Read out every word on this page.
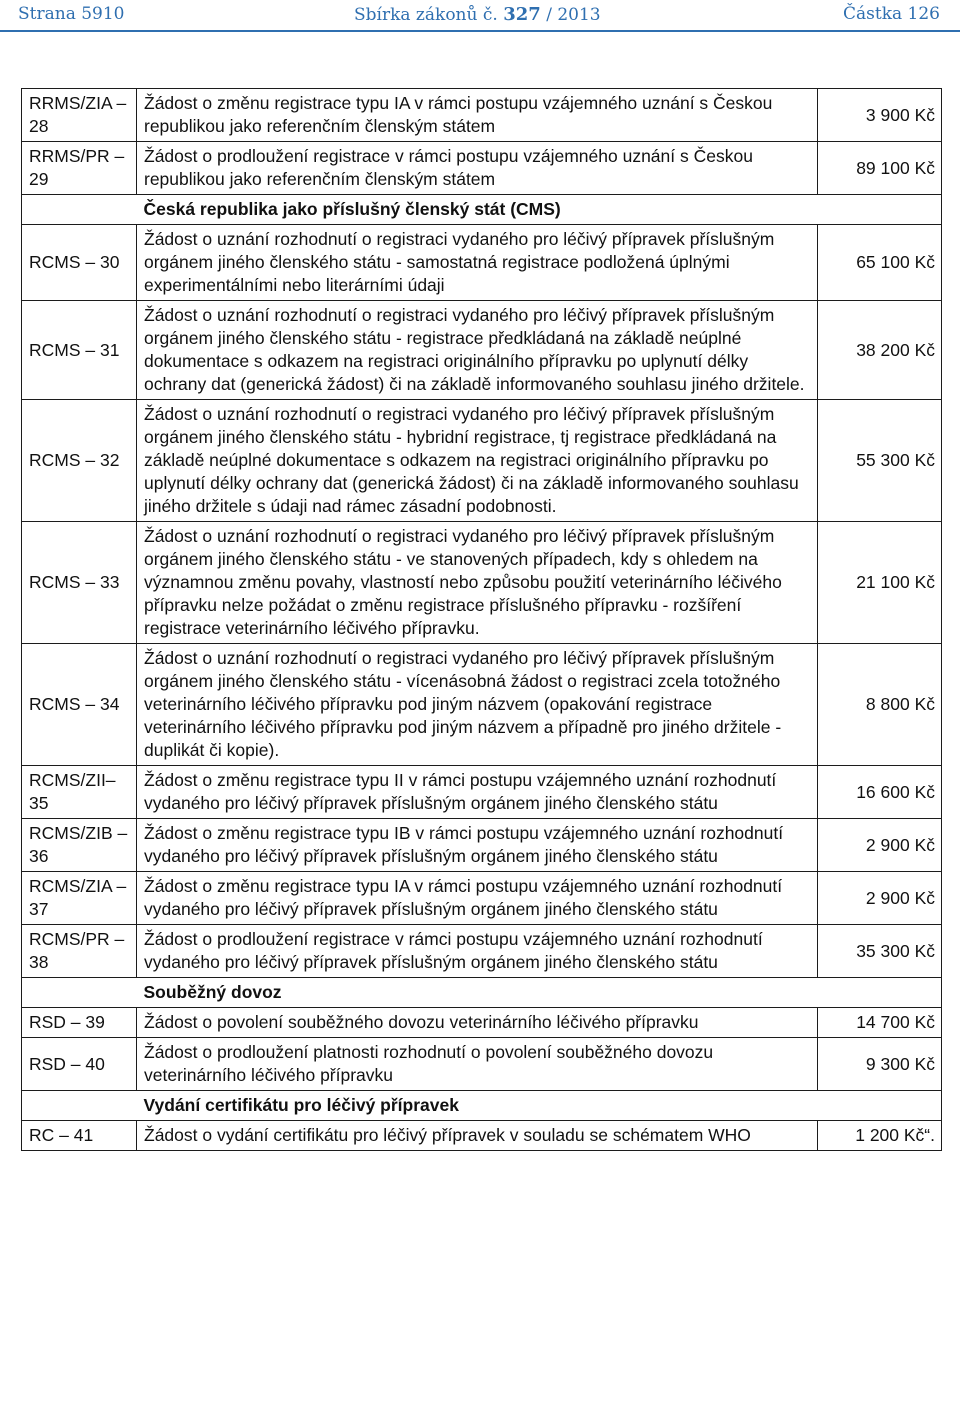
Strana 5910	Sbírka zákonů č. 327 / 2013	Částka 126
RRMS/ZIA – 28	Žádost o změnu registrace typu IA v rámci postupu vzájemného uznání s Českou republikou jako referenčním členským státem	3 900 Kč
RRMS/PR – 29	Žádost o prodloužení registrace v rámci postupu vzájemného uznání s Českou republikou jako referenčním členským státem	89 100 Kč
	Česká republika jako příslušný členský stát (CMS)	
RCMS – 30	Žádost o uznání rozhodnutí o registraci vydaného pro léčivý přípravek příslušným orgánem jiného členského státu - samostatná registrace podložená úplnými experimentálními nebo literárními údaji	65 100 Kč
RCMS – 31	Žádost o uznání rozhodnutí o registraci vydaného pro léčivý přípravek příslušným orgánem jiného členského státu - registrace předkládaná na základě neúplné dokumentace s odkazem na registraci originálního přípravku po uplynutí délky ochrany dat (generická žádost) či na základě informovaného souhlasu jiného držitele.	38 200 Kč
RCMS – 32	Žádost o uznání rozhodnutí o registraci vydaného pro léčivý přípravek příslušným orgánem jiného členského státu - hybridní registrace, tj registrace předkládaná na základě neúplné dokumentace s odkazem na registraci originálního přípravku po uplynutí délky ochrany dat (generická žádost) či na základě informovaného souhlasu jiného držitele s údaji nad rámec zásadní podobnosti.	55 300 Kč
RCMS – 33	Žádost o uznání rozhodnutí o registraci vydaného pro léčivý přípravek příslušným orgánem jiného členského státu - ve stanovených případech, kdy s ohledem na významnou změnu povahy, vlastností nebo způsobu použití veterinárního léčivého přípravku nelze požádat o změnu registrace příslušného přípravku - rozšíření registrace veterinárního léčivého přípravku.	21 100 Kč
RCMS – 34	Žádost o uznání rozhodnutí o registraci vydaného pro léčivý přípravek příslušným orgánem jiného členského státu - vícenásobná žádost o registraci zcela totožného veterinárního léčivého přípravku pod jiným názvem (opakování registrace veterinárního léčivého přípravku pod jiným názvem a případně pro jiného držitele - duplikát či kopie).	8 800 Kč
RCMS/ZII– 35	Žádost o změnu registrace typu II v rámci postupu vzájemného uznání rozhodnutí vydaného pro léčivý přípravek příslušným orgánem jiného členského státu	16 600 Kč
RCMS/ZIB – 36	Žádost o změnu registrace typu IB v rámci postupu vzájemného uznání rozhodnutí vydaného pro léčivý přípravek příslušným orgánem jiného členského státu	2 900 Kč
RCMS/ZIA – 37	Žádost o změnu registrace typu IA v rámci postupu vzájemného uznání rozhodnutí vydaného pro léčivý přípravek příslušným orgánem jiného členského státu	2 900 Kč
RCMS/PR – 38	Žádost o prodloužení registrace v rámci postupu vzájemného uznání rozhodnutí vydaného pro léčivý přípravek příslušným orgánem jiného členského státu	35 300 Kč
	Souběžný dovoz	
RSD – 39	Žádost o povolení souběžného dovozu veterinárního léčivého přípravku	14 700 Kč
RSD – 40	Žádost o prodloužení platnosti rozhodnutí o povolení souběžného dovozu veterinárního léčivého přípravku	9 300 Kč
	Vydání certifikátu pro léčivý přípravek	
RC – 41	Žádost o vydání certifikátu pro léčivý přípravek v souladu se schématem WHO	1 200 Kč“.
